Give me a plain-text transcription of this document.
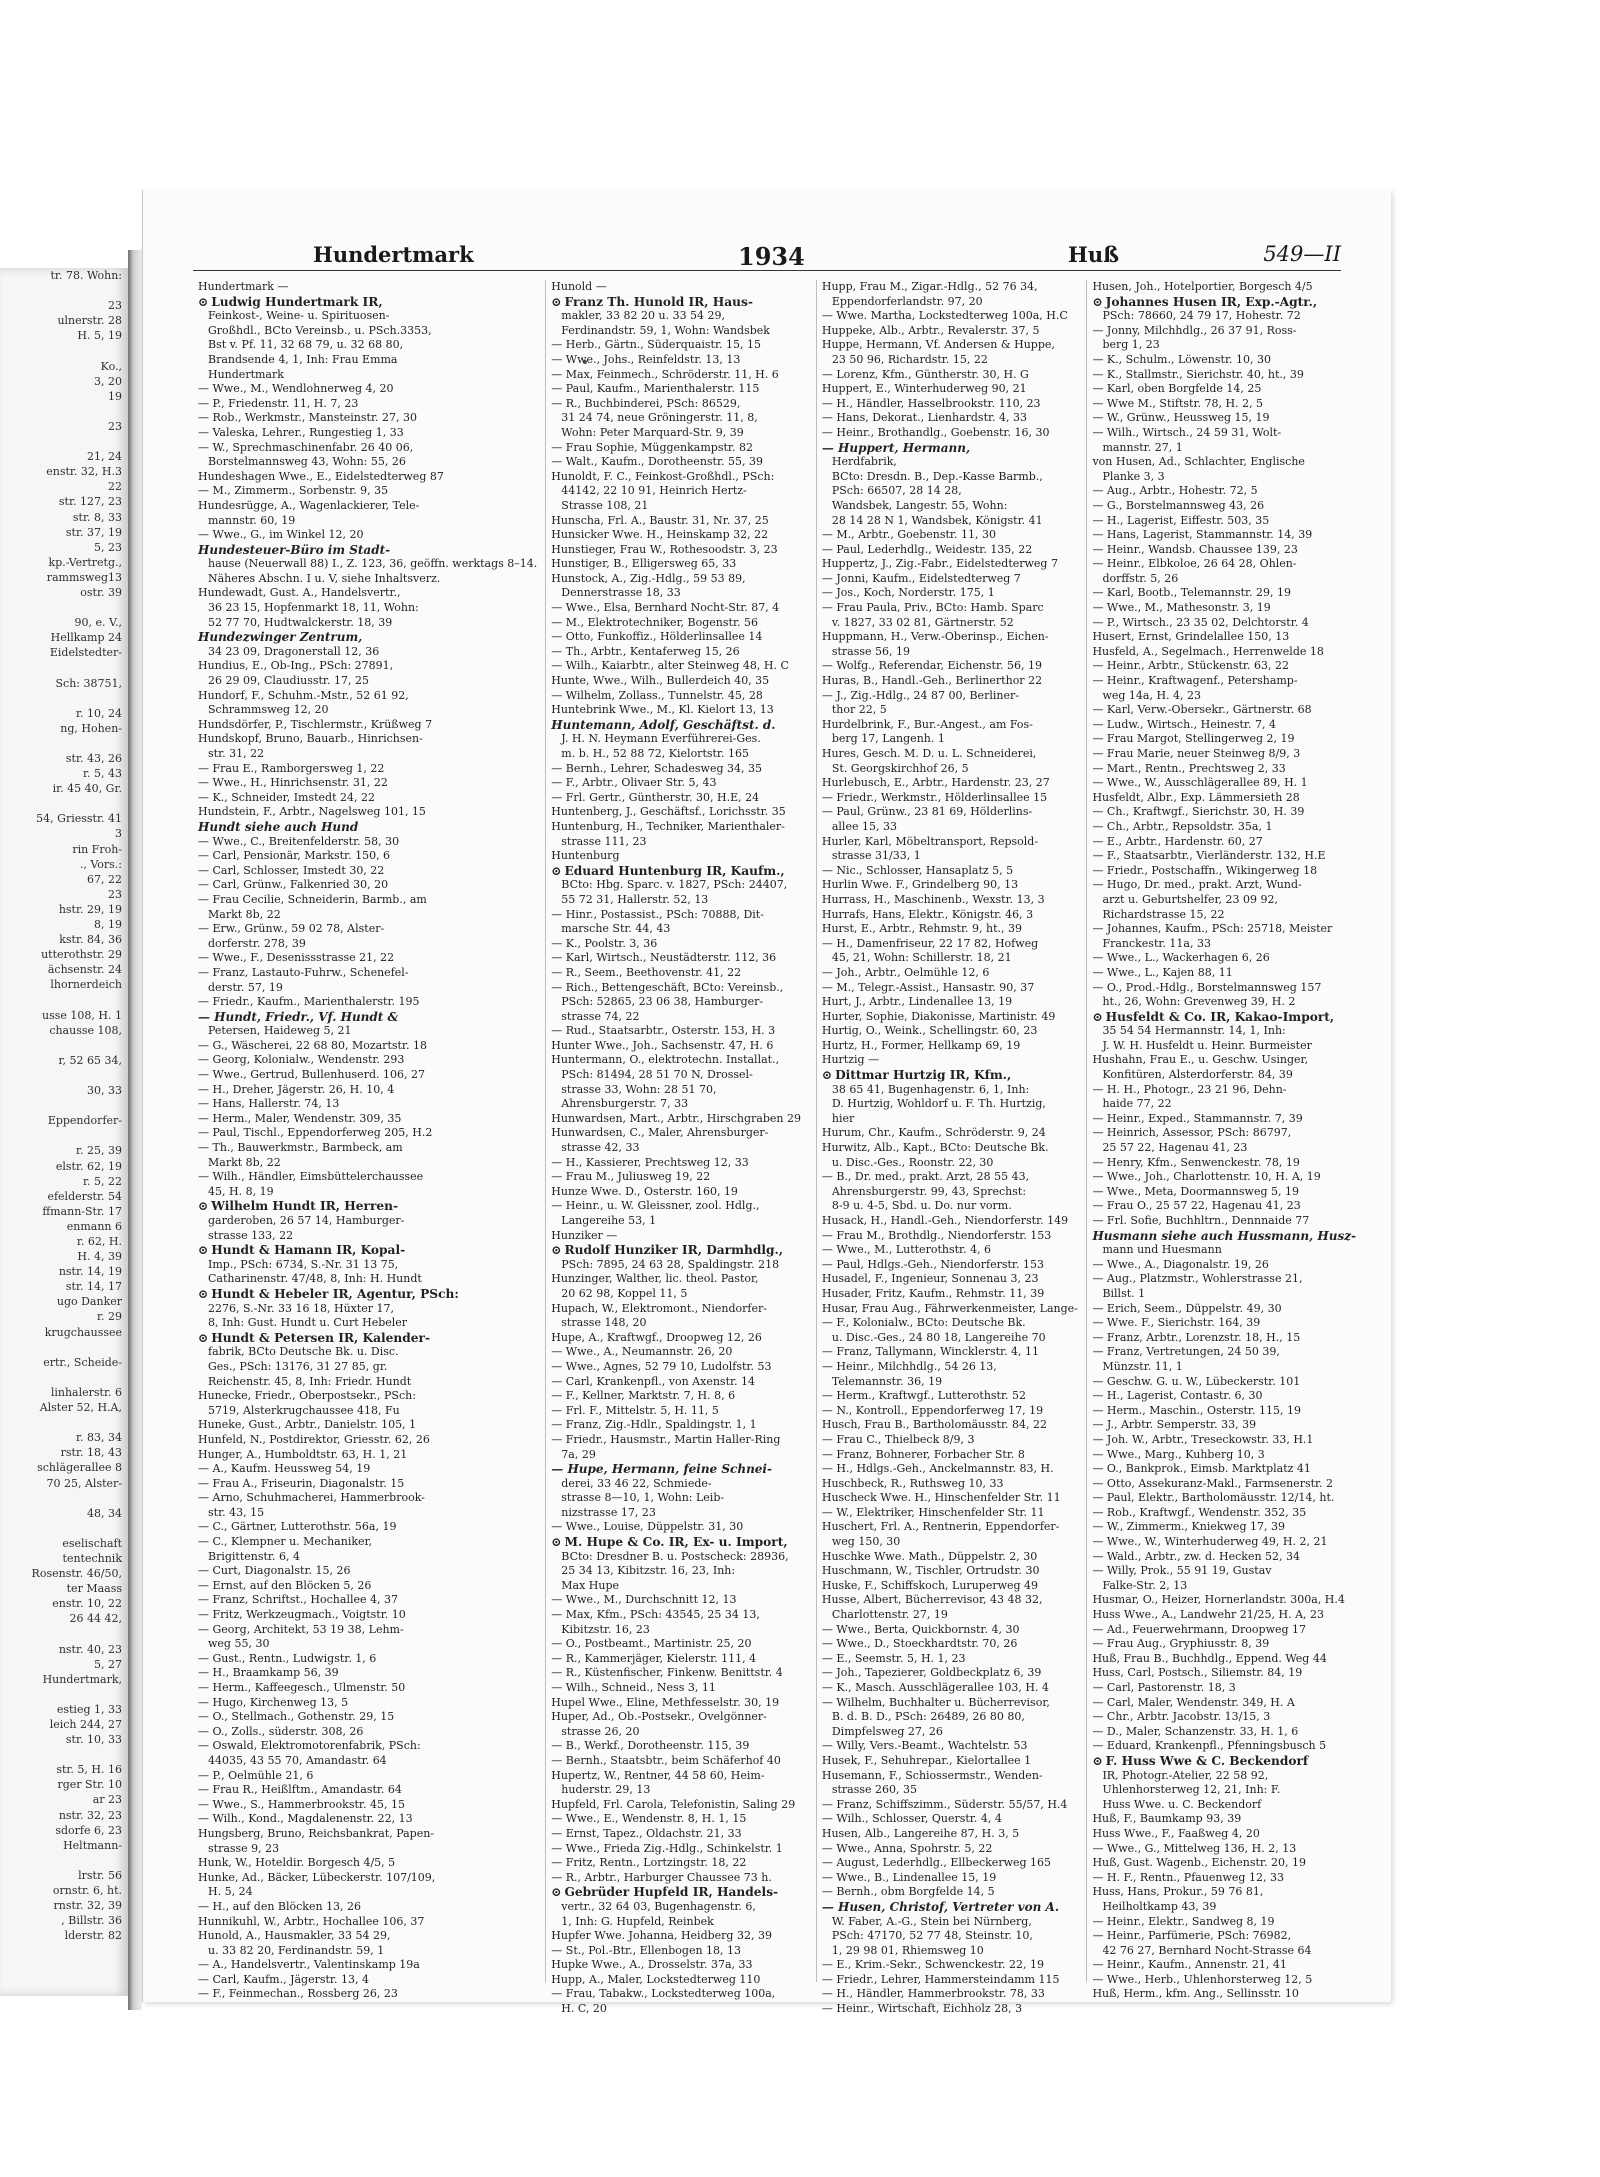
tr. 78. Wohn:

23
ulnerstr. 28
H. 5, 19

Ko.,
3, 20
19

23

21, 24
enstr. 32, H.3
22
str. 127, 23
str. 8, 33
str. 37, 19
5, 23
kp.-Vertretg.,
rammsweg13
ostr. 39

90, e. V.,
Hellkamp 24
Eidelstedter-

Sch: 38751,

r. 10, 24
ng, Hohen-

str. 43, 26
r. 5, 43
ir. 45 40, Gr.

54, Griesstr. 41
3
rin Froh-
., Vors.:
67, 22
23
hstr. 29, 19
8, 19
kstr. 84, 36
utterothstr. 29
ächsenstr. 24
lhornerdeich

usse 108, H. 1
chausse 108,

r, 52 65 34,

30, 33

Eppendorfer-

r. 25, 39
elstr. 62, 19
r. 5, 22
efelderstr. 54
ffmann-Str. 17
enmann 6
r. 62, H.
H. 4, 39
nstr. 14, 19
str. 14, 17
ugo Danker
r. 29
krugchaussee

ertr., Scheide-

linhalerstr. 6
Alster 52, H.A,

r. 83, 34
rstr. 18, 43
schlägerallee 8
70 25, Alster-

48, 34

eselischaft
tentechnik
Rosenstr. 46/50,
ter Maass
enstr. 10, 22
26 44 42,

nstr. 40, 23
5, 27
Hundertmark,

estieg 1, 33
leich 244, 27
str. 10, 33

str. 5, H. 16
rger Str. 10
ar 23
nstr. 32, 23
sdorfe 6, 23
Heltmann-

lrstr. 56
ornstr. 6, ht.
rnstr. 32, 39
, Billstr. 36
lderstr. 82
Hundertmark	1934	Huß	549—II
Hundertmark —
⊙ Ludwig Hundertmark IR,
Feinkost-, Weine- u. Spirituosen-
Großhdl., BCto Vereinsb., u. PSch.3353,
Bst v. Pf. 11, 32 68 79, u. 32 68 80,
Brandsende 4, 1, Inh: Frau Emma
Hundertmark
— Wwe., M., Wendlohnerweg 4, 20
— P., Friedenstr. 11, H. 7, 23
— Rob., Werkmstr., Mansteinstr. 27, 30
— Valeska, Lehrer., Rungestieg 1, 33
— W., Sprechmaschinenfabr. 26 40 06,
Borstelmannsweg 43, Wohn: 55, 26
Hundeshagen Wwe., E., Eidelstedterweg 87
— M., Zimmerm., Sorbenstr. 9, 35
Hundesrügge, A., Wagenlackierer, Tele-
mannstr. 60, 19
— Wwe., G., im Winkel 12, 20
Hundesteuer-Büro im Stadt-
hause (Neuerwall 88) I., Z. 123, 36, geöffn. werktags 8–14.
Näheres Abschn. I u. V, siehe Inhaltsverz.
Hundewadt, Gust. A., Handelsvertr.,
36 23 15, Hopfenmarkt 18, 11, Wohn:
52 77 70, Hudtwalckerstr. 18, 39
Hundezwinger Zentrum,
34 23 09, Dragonerstall 12, 36
Hundius, E., Ob-Ing., PSch: 27891,
26 29 09, Claudiusstr. 17, 25
Hundorf, F., Schuhm.-Mstr., 52 61 92,
Schrammsweg 12, 20
Hundsdörfer, P., Tischlermstr., Krüßweg 7
Hundskopf, Bruno, Bauarb., Hinrichsen-
str. 31, 22
— Frau E., Ramborgersweg 1, 22
— Wwe., H., Hinrichsenstr. 31, 22
— K., Schneider, Imstedt 24, 22
Hundstein, F., Arbtr., Nagelsweg 101, 15
Hundt siehe auch Hund
— Wwe., C., Breitenfelderstr. 58, 30
— Carl, Pensionär, Markstr. 150, 6
— Carl, Schlosser, Imstedt 30, 22
— Carl, Grünw., Falkenried 30, 20
— Frau Cecilie, Schneiderin, Barmb., am
Markt 8b, 22
— Erw., Grünw., 59 02 78, Alster-
dorferstr. 278, 39
— Wwe., F., Desenissstrasse 21, 22
— Franz, Lastauto-Fuhrw., Schenefel-
derstr. 57, 19
— Friedr., Kaufm., Marienthalerstr. 195
— Hundt, Friedr., Vf. Hundt &
Petersen, Haideweg 5, 21
— G., Wäscherei, 22 68 80, Mozartstr. 18
— Georg, Kolonialw., Wendenstr. 293
— Wwe., Gertrud, Bullenhuserd. 106, 27
— H., Dreher, Jägerstr. 26, H. 10, 4
— Hans, Hallerstr. 74, 13
— Herm., Maler, Wendenstr. 309, 35
— Paul, Tischl., Eppendorferweg 205, H.2
— Th., Bauwerkmstr., Barmbeck, am
Markt 8b, 22
— Wilh., Händler, Eimsbüttelerchaussee
45, H. 8, 19
⊙ Wilhelm Hundt IR, Herren-
garderoben, 26 57 14, Hamburger-
strasse 133, 22
⊙ Hundt & Hamann IR, Kopal-
Imp., PSch: 6734, S.-Nr. 31 13 75,
Catharinenstr. 47/48, 8, Inh: H. Hundt
⊙ Hundt & Hebeler IR, Agentur, PSch:
2276, S.-Nr. 33 16 18, Hüxter 17,
8, Inh: Gust. Hundt u. Curt Hebeler
⊙ Hundt & Petersen IR, Kalender-
fabrik, BCto Deutsche Bk. u. Disc.
Ges., PSch: 13176, 31 27 85, gr.
Reichenstr. 45, 8, Inh: Friedr. Hundt
Hunecke, Friedr., Oberpostsekr., PSch:
5719, Alsterkrugchaussee 418, Fu
Huneke, Gust., Arbtr., Danielstr. 105, 1
Hunfeld, N., Postdirektor, Griesstr. 62, 26
Hunger, A., Humboldtstr. 63, H. 1, 21
— A., Kaufm. Heussweg 54, 19
— Frau A., Friseurin, Diagonalstr. 15
— Arno, Schuhmacherei, Hammerbrook-
str. 43, 15
— C., Gärtner, Lutterothstr. 56a, 19
— C., Klempner u. Mechaniker,
Brigittenstr. 6, 4
— Curt, Diagonalstr. 15, 26
— Ernst, auf den Blöcken 5, 26
— Franz, Schriftst., Hochallee 4, 37
— Fritz, Werkzeugmach., Voigtstr. 10
— Georg, Architekt, 53 19 38, Lehm-
weg 55, 30
— Gust., Rentn., Ludwigstr. 1, 6
— H., Braamkamp 56, 39
— Herm., Kaffeegesch., Ulmenstr. 50
— Hugo, Kirchenweg 13, 5
— O., Stellmach., Gothenstr. 29, 15
— O., Zolls., süderstr. 308, 26
— Oswald, Elektromotorenfabrik, PSch:
44035, 43 55 70, Amandastr. 64
— P., Oelmühle 21, 6
— Frau R., Heißlftm., Amandastr. 64
— Wwe., S., Hammerbrookstr. 45, 15
— Wilh., Kond., Magdalenenstr. 22, 13
Hungsberg, Bruno, Reichsbankrat, Papen-
strasse 9, 23
Hunk, W., Hoteldir. Borgesch 4/5, 5
Hunke, Ad., Bäcker, Lübeckerstr. 107/109,
H. 5, 24
— H., auf den Blöcken 13, 26
Hunnikuhl, W., Arbtr., Hochallee 106, 37
Hunold, A., Hausmakler, 33 54 29,
u. 33 82 20, Ferdinandstr. 59, 1
— A., Handelsvertr., Valentinskamp 19a
— Carl, Kaufm., Jägerstr. 13, 4
— F., Feinmechan., Rossberg 26, 23
Hunold —
⊙ Franz Th. Hunold IR, Haus-
makler, 33 82 20 u. 33 54 29,
Ferdinandstr. 59, 1, Wohn: Wandsbek
— Herb., Gärtn., Süderquaistr. 15, 15
— Wwe., Johs., Reinfeldstr. 13, 13
— Max, Feinmech., Schröderstr. 11, H. 6
— Paul, Kaufm., Marienthalerstr. 115
— R., Buchbinderei, PSch: 86529,
31 24 74, neue Gröningerstr. 11, 8,
Wohn: Peter Marquard-Str. 9, 39
— Frau Sophie, Müggenkampstr. 82
— Walt., Kaufm., Dorotheenstr. 55, 39
Hunoldt, F. C., Feinkost-Großhdl., PSch:
44142, 22 10 91, Heinrich Hertz-
Strasse 108, 21
Hunscha, Frl. A., Baustr. 31, Nr. 37, 25
Hunsicker Wwe. H., Heinskamp 32, 22
Hunstieger, Frau W., Rothesoodstr. 3, 23
Hunstiger, B., Elligersweg 65, 33
Hunstock, A., Zig.-Hdlg., 59 53 89,
Dennerstrasse 18, 33
— Wwe., Elsa, Bernhard Nocht-Str. 87, 4
— M., Elektrotechniker, Bogenstr. 56
— Otto, Funkoffiz., Hölderlinsallee 14
— Th., Arbtr., Kentaferweg 15, 26
— Wilh., Kaiarbtr., alter Steinweg 48, H. C
Hunte, Wwe., Wilh., Bullerdeich 40, 35
— Wilhelm, Zollass., Tunnelstr. 45, 28
Huntebrink Wwe., M., Kl. Kielort 13, 13
Huntemann, Adolf, Geschäftst. d.
J. H. N. Heymann Everführerei-Ges.
m. b. H., 52 88 72, Kielortstr. 165
— Bernh., Lehrer, Schadesweg 34, 35
— F., Arbtr., Olivaer Str. 5, 43
— Frl. Gertr., Güntherstr. 30, H.E, 24
Huntenberg, J., Geschäftsf., Lorichsstr. 35
Huntenburg, H., Techniker, Marienthaler-
strasse 111, 23
Huntenburg
⊙ Eduard Huntenburg IR, Kaufm.,
BCto: Hbg. Sparc. v. 1827, PSch: 24407,
55 72 31, Hallerstr. 52, 13
— Hinr., Postassist., PSch: 70888, Dit-
marsche Str. 44, 43
— K., Poolstr. 3, 36
— Karl, Wirtsch., Neustädterstr. 112, 36
— R., Seem., Beethovenstr. 41, 22
— Rich., Bettengeschäft, BCto: Vereinsb.,
PSch: 52865, 23 06 38, Hamburger-
strasse 74, 22
— Rud., Staatsarbtr., Osterstr. 153, H. 3
Hunter Wwe., Joh., Sachsenstr. 47, H. 6
Huntermann, O., elektrotechn. Installat.,
PSch: 81494, 28 51 70 N, Drossel-
strasse 33, Wohn: 28 51 70,
Ahrensburgerstr. 7, 33
Hunwardsen, Mart., Arbtr., Hirschgraben 29
Hunwardsen, C., Maler, Ahrensburger-
strasse 42, 33
— H., Kassierer, Prechtsweg 12, 33
— Frau M., Juliusweg 19, 22
Hunze Wwe. D., Osterstr. 160, 19
— Heinr., u. W. Gleissner, zool. Hdlg.,
Langereihe 53, 1
Hunziker —
⊙ Rudolf Hunziker IR, Darmhdlg.,
PSch: 7895, 24 63 28, Spaldingstr. 218
Hunzinger, Walther, lic. theol. Pastor,
20 62 98, Koppel 11, 5
Hupach, W., Elektromont., Niendorfer-
strasse 148, 20
Hupe, A., Kraftwgf., Droopweg 12, 26
— Wwe., A., Neumannstr. 26, 20
— Wwe., Agnes, 52 79 10, Ludolfstr. 53
— Carl, Krankenpfl., von Axenstr. 14
— F., Kellner, Marktstr. 7, H. 8, 6
— Frl. F., Mittelstr. 5, H. 11, 5
— Franz, Zig.-Hdlr., Spaldingstr. 1, 1
— Friedr., Hausmstr., Martin Haller-Ring
7a, 29
— Hupe, Hermann, feine Schnei-
derei, 33 46 22, Schmiede-
strasse 8—10, 1, Wohn: Leib-
nizstrasse 17, 23
— Wwe., Louise, Düppelstr. 31, 30
⊙ M. Hupe & Co. IR, Ex- u. Import,
BCto: Dresdner B. u. Postscheck: 28936,
25 34 13, Kibitzstr. 16, 23, Inh:
Max Hupe
— Wwe., M., Durchschnitt 12, 13
— Max, Kfm., PSch: 43545, 25 34 13,
Kibitzstr. 16, 23
— O., Postbeamt., Martinistr. 25, 20
— R., Kammerjäger, Kielerstr. 111, 4
— R., Küstenfischer, Finkenw. Benittstr. 4
— Wilh., Schneid., Ness 3, 11
Hupel Wwe., Eline, Methfesselstr. 30, 19
Huper, Ad., Ob.-Postsekr., Ovelgönner-
strasse 26, 20
— B., Werkf., Dorotheenstr. 115, 39
— Bernh., Staatsbtr., beim Schäferhof 40
Hupertz, W., Rentner, 44 58 60, Heim-
huderstr. 29, 13
Hupfeld, Frl. Carola, Telefonistin, Saling 29
— Wwe., E., Wendenstr. 8, H. 1, 15
— Ernst, Tapez., Oldachstr. 21, 33
— Wwe., Frieda Zig.-Hdlg., Schinkelstr. 1
— Fritz, Rentn., Lortzingstr. 18, 22
— R., Arbtr., Harburger Chaussee 73 h.
⊙ Gebrüder Hupfeld IR, Handels-
vertr., 32 64 03, Bugenhagenstr. 6,
1, Inh: G. Hupfeld, Reinbek
Hupfer Wwe. Johanna, Heidberg 32, 39
— St., Pol.-Btr., Ellenbogen 18, 13
Hupke Wwe., A., Drosselstr. 37a, 33
Hupp, A., Maler, Lockstedterweg 110
— Frau, Tabakw., Lockstedterweg 100a,
H. C, 20
Hupp, Frau M., Zigar.-Hdlg., 52 76 34,
Eppendorferlandstr. 97, 20
— Wwe. Martha, Lockstedterweg 100a, H.C
Huppeke, Alb., Arbtr., Revalerstr. 37, 5
Huppe, Hermann, Vf. Andersen & Huppe,
23 50 96, Richardstr. 15, 22
— Lorenz, Kfm., Güntherstr. 30, H. G
Huppert, E., Winterhuderweg 90, 21
— H., Händler, Hasselbrookstr. 110, 23
— Hans, Dekorat., Lienhardstr. 4, 33
— Heinr., Brothandlg., Goebenstr. 16, 30
— Huppert, Hermann,
Herdfabrik,
BCto: Dresdn. B., Dep.-Kasse Barmb.,
PSch: 66507, 28 14 28,
Wandsbek, Langestr. 55, Wohn:
28 14 28 N 1, Wandsbek, Königstr. 41
— M., Arbtr., Goebenstr. 11, 30
— Paul, Lederhdlg., Weidestr. 135, 22
Huppertz, J., Zig.-Fabr., Eidelstedterweg 7
— Jonni, Kaufm., Eidelstedterweg 7
— Jos., Koch, Norderstr. 175, 1
— Frau Paula, Priv., BCto: Hamb. Sparc
v. 1827, 33 02 81, Gärtnerstr. 52
Huppmann, H., Verw.-Oberinsp., Eichen-
strasse 56, 19
— Wolfg., Referendar, Eichenstr. 56, 19
Huras, B., Handl.-Geh., Berlinerthor 22
— J., Zig.-Hdlg., 24 87 00, Berliner-
thor 22, 5
Hurdelbrink, F., Bur.-Angest., am Fos-
berg 17, Langenh. 1
Hures, Gesch. M. D. u. L. Schneiderei,
St. Georgskirchhof 26, 5
Hurlebusch, E., Arbtr., Hardenstr. 23, 27
— Friedr., Werkmstr., Hölderlinsallee 15
— Paul, Grünw., 23 81 69, Hölderlins-
allee 15, 33
Hurler, Karl, Möbeltransport, Repsold-
strasse 31/33, 1
— Nic., Schlosser, Hansaplatz 5, 5
Hurlin Wwe. F., Grindelberg 90, 13
Hurrass, H., Maschinenb., Wexstr. 13, 3
Hurrafs, Hans, Elektr., Königstr. 46, 3
Hurst, E., Arbtr., Rehmstr. 9, ht., 39
— H., Damenfriseur, 22 17 82, Hofweg
45, 21, Wohn: Schillerstr. 18, 21
— Joh., Arbtr., Oelmühle 12, 6
— M., Telegr.-Assist., Hansastr. 90, 37
Hurt, J., Arbtr., Lindenallee 13, 19
Hurter, Sophie, Diakonisse, Martinistr. 49
Hurtig, O., Weink., Schellingstr. 60, 23
Hurtz, H., Former, Hellkamp 69, 19
Hurtzig —
⊙ Dittmar Hurtzig IR, Kfm.,
38 65 41, Bugenhagenstr. 6, 1, Inh:
D. Hurtzig, Wohldorf u. F. Th. Hurtzig,
hier
Hurum, Chr., Kaufm., Schröderstr. 9, 24
Hurwitz, Alb., Kapt., BCto: Deutsche Bk.
u. Disc.-Ges., Roonstr. 22, 30
— B., Dr. med., prakt. Arzt, 28 55 43,
Ahrensburgerstr. 99, 43, Sprechst:
8-9 u. 4-5, Sbd. u. Do. nur vorm.
Husack, H., Handl.-Geh., Niendorferstr. 149
— Frau M., Brothdlg., Niendorferstr. 153
— Wwe., M., Lutterothstr. 4, 6
— Paul, Hdlgs.-Geh., Niendorferstr. 153
Husadel, F., Ingenieur, Sonnenau 3, 23
Husader, Fritz, Kaufm., Rehmstr. 11, 39
Husar, Frau Aug., Fährwerkenmeister, Lange-
— F., Kolonialw., BCto: Deutsche Bk.
u. Disc.-Ges., 24 80 18, Langereihe 70
— Franz, Tallymann, Wincklerstr. 4, 11
— Heinr., Milchhdlg., 54 26 13,
Telemannstr. 36, 19
— Herm., Kraftwgf., Lutterothstr. 52
— N., Kontroll., Eppendorferweg 17, 19
Husch, Frau B., Bartholomäusstr. 84, 22
— Frau C., Thielbeck 8/9, 3
— Franz, Bohnerer, Forbacher Str. 8
— H., Hdlgs.-Geh., Anckelmannstr. 83, H.
Huschbeck, R., Ruthsweg 10, 33
Huscheck Wwe. H., Hinschenfelder Str. 11
— W., Elektriker, Hinschenfelder Str. 11
Huschert, Frl. A., Rentnerin, Eppendorfer-
weg 150, 30
Huschke Wwe. Math., Düppelstr. 2, 30
Huschmann, W., Tischler, Ortrudstr. 30
Huske, F., Schiffskoch, Luruperweg 49
Husse, Albert, Bücherrevisor, 43 48 32,
Charlottenstr. 27, 19
— Wwe., Berta, Quickbornstr. 4, 30
— Wwe., D., Stoeckhardtstr. 70, 26
— E., Seemstr. 5, H. 1, 23
— Joh., Tapezierer, Goldbeckplatz 6, 39
— K., Masch. Ausschlägerallee 103, H. 4
— Wilhelm, Buchhalter u. Bücherrevisor,
B. d. B. D., PSch: 26489, 26 80 80,
Dimpfelsweg 27, 26
— Willy, Vers.-Beamt., Wachtelstr. 53
Husek, F., Sehuhrepar., Kielortallee 1
Husemann, F., Schiossermstr., Wenden-
strasse 260, 35
— Franz, Schiffszimm., Süderstr. 55/57, H.4
— Wilh., Schlosser, Querstr. 4, 4
Husen, Alb., Langereihe 87, H. 3, 5
— Wwe., Anna, Spohrstr. 5, 22
— August, Lederhdlg., Ellbeckerweg 165
— Wwe., B., Lindenallee 15, 19
— Bernh., obm Borgfelde 14, 5
— Husen, Christof, Vertreter von A.
W. Faber, A.-G., Stein bei Nürnberg,
PSch: 47170, 52 77 48, Steinstr. 10,
1, 29 98 01, Rhiemsweg 10
— E., Krim.-Sekr., Schwenckestr. 22, 19
— Friedr., Lehrer, Hammersteindamm 115
— H., Händler, Hammerbrookstr. 78, 33
— Heinr., Wirtschaft, Eichholz 28, 3
Husen, Joh., Hotelportier, Borgesch 4/5
⊙ Johannes Husen IR, Exp.-Agtr.,
PSch: 78660, 24 79 17, Hohestr. 72
— Jonny, Milchhdlg., 26 37 91, Ross-
berg 1, 23
— K., Schulm., Löwenstr. 10, 30
— K., Stallmstr., Sierichstr. 40, ht., 39
— Karl, oben Borgfelde 14, 25
— Wwe M., Stiftstr. 78, H. 2, 5
— W., Grünw., Heussweg 15, 19
— Wilh., Wirtsch., 24 59 31, Wolt-
mannstr. 27, 1
von Husen, Ad., Schlachter, Englische
Planke 3, 3
— Aug., Arbtr., Hohestr. 72, 5
— G., Borstelmannsweg 43, 26
— H., Lagerist, Eiffestr. 503, 35
— Hans, Lagerist, Stammannstr. 14, 39
— Heinr., Wandsb. Chaussee 139, 23
— Heinr., Elbkoloe, 26 64 28, Ohlen-
dorffstr. 5, 26
— Karl, Bootb., Telemannstr. 29, 19
— Wwe., M., Mathesonstr. 3, 19
— P., Wirtsch., 23 35 02, Delchtorstr. 4
Husert, Ernst, Grindelallee 150, 13
Husfeld, A., Segelmach., Herrenwelde 18
— Heinr., Arbtr., Stückenstr. 63, 22
— Heinr., Kraftwagenf., Petershamp-
weg 14a, H. 4, 23
— Karl, Verw.-Obersekr., Gärtnerstr. 68
— Ludw., Wirtsch., Heinestr. 7, 4
— Frau Margot, Stellingerweg 2, 19
— Frau Marie, neuer Steinweg 8/9, 3
— Mart., Rentn., Prechtsweg 2, 33
— Wwe., W., Ausschlägerallee 89, H. 1
Husfeldt, Albr., Exp. Lämmersieth 28
— Ch., Kraftwgf., Sierichstr. 30, H. 39
— Ch., Arbtr., Repsoldstr. 35a, 1
— E., Arbtr., Hardenstr. 60, 27
— F., Staatsarbtr., Vierländerstr. 132, H.E
— Friedr., Postschaffn., Wikingerweg 18
— Hugo, Dr. med., prakt. Arzt, Wund-
arzt u. Geburtshelfer, 23 09 92,
Richardstrasse 15, 22
— Johannes, Kaufm., PSch: 25718, Meister
Franckestr. 11a, 33
— Wwe., L., Wackerhagen 6, 26
— Wwe., L., Kajen 88, 11
— O., Prod.-Hdlg., Borstelmannsweg 157
ht., 26, Wohn: Grevenweg 39, H. 2
⊙ Husfeldt & Co. IR, Kakao-Import,
35 54 54 Hermannstr. 14, 1, Inh:
J. W. H. Husfeldt u. Heinr. Burmeister
Hushahn, Frau E., u. Geschw. Usinger,
Konfitüren, Alsterdorferstr. 84, 39
— H. H., Photogr., 23 21 96, Dehn-
haide 77, 22
— Heinr., Exped., Stammannstr. 7, 39
— Heinrich, Assessor, PSch: 86797,
25 57 22, Hagenau 41, 23
— Henry, Kfm., Senwenckestr. 78, 19
— Wwe., Joh., Charlottenstr. 10, H. A, 19
— Wwe., Meta, Doormannsweg 5, 19
— Frau O., 25 57 22, Hagenau 41, 23
— Frl. Sofie, Buchhltrn., Dennnaide 77
Husmann siehe auch Hussmann, Husz-
mann und Huesmann
— Wwe., A., Diagonalstr. 19, 26
— Aug., Platzmstr., Wohlerstrasse 21,
Billst. 1
— Erich, Seem., Düppelstr. 49, 30
— Wwe. F., Sierichstr. 164, 39
— Franz, Arbtr., Lorenzstr. 18, H., 15
— Franz, Vertretungen, 24 50 39,
Münzstr. 11, 1
— Geschw. G. u. W., Lübeckerstr. 101
— H., Lagerist, Contastr. 6, 30
— Herm., Maschin., Osterstr. 115, 19
— J., Arbtr. Semperstr. 33, 39
— Joh. W., Arbtr., Treseckowstr. 33, H.1
— Wwe., Marg., Kuhberg 10, 3
— O., Bankprok., Eimsb. Marktplatz 41
— Otto, Assekuranz-Makl., Farmsenerstr. 2
— Paul, Elektr., Bartholomäusstr. 12/14, ht.
— Rob., Kraftwgf., Wendenstr. 352, 35
— W., Zimmerm., Kniekweg 17, 39
— Wwe., W., Winterhuderweg 49, H. 2, 21
— Wald., Arbtr., zw. d. Hecken 52, 34
— Willy, Prok., 55 91 19, Gustav
Falke-Str. 2, 13
Husmar, O., Heizer, Hornerlandstr. 300a, H.4
Huss Wwe., A., Landwehr 21/25, H. A, 23
— Ad., Feuerwehrmann, Droopweg 17
— Frau Aug., Gryphiusstr. 8, 39
Huß, Frau B., Buchhdlg., Eppend. Weg 44
Huss, Carl, Postsch., Siliemstr. 84, 19
— Carl, Pastorenstr. 18, 3
— Carl, Maler, Wendenstr. 349, H. A
— Chr., Arbtr. Jacobstr. 13/15, 3
— D., Maler, Schanzenstr. 33, H. 1, 6
— Eduard, Krankenpfl., Pfenningsbusch 5
⊙ F. Huss Wwe & C. Beckendorf
IR, Photogr.-Atelier, 22 58 92,
Uhlenhorsterweg 12, 21, Inh: F.
Huss Wwe. u. C. Beckendorf
Huß, F., Baumkamp 93, 39
Huss Wwe., F., Faaßweg 4, 20
— Wwe., G., Mittelweg 136, H. 2, 13
Huß, Gust. Wagenb., Eichenstr. 20, 19
— H. F., Rentn., Pfauenweg 12, 33
Huss, Hans, Prokur., 59 76 81,
Heilholtkamp 43, 39
— Heinr., Elektr., Sandweg 8, 19
— Heinr., Parfümerie, PSch: 76982,
42 76 27, Bernhard Nocht-Strasse 64
— Heinr., Kaufm., Annenstr. 21, 41
— Wwe., Herb., Uhlenhorsterweg 12, 5
Huß, Herm., kfm. Ang., Sellinsstr. 10
